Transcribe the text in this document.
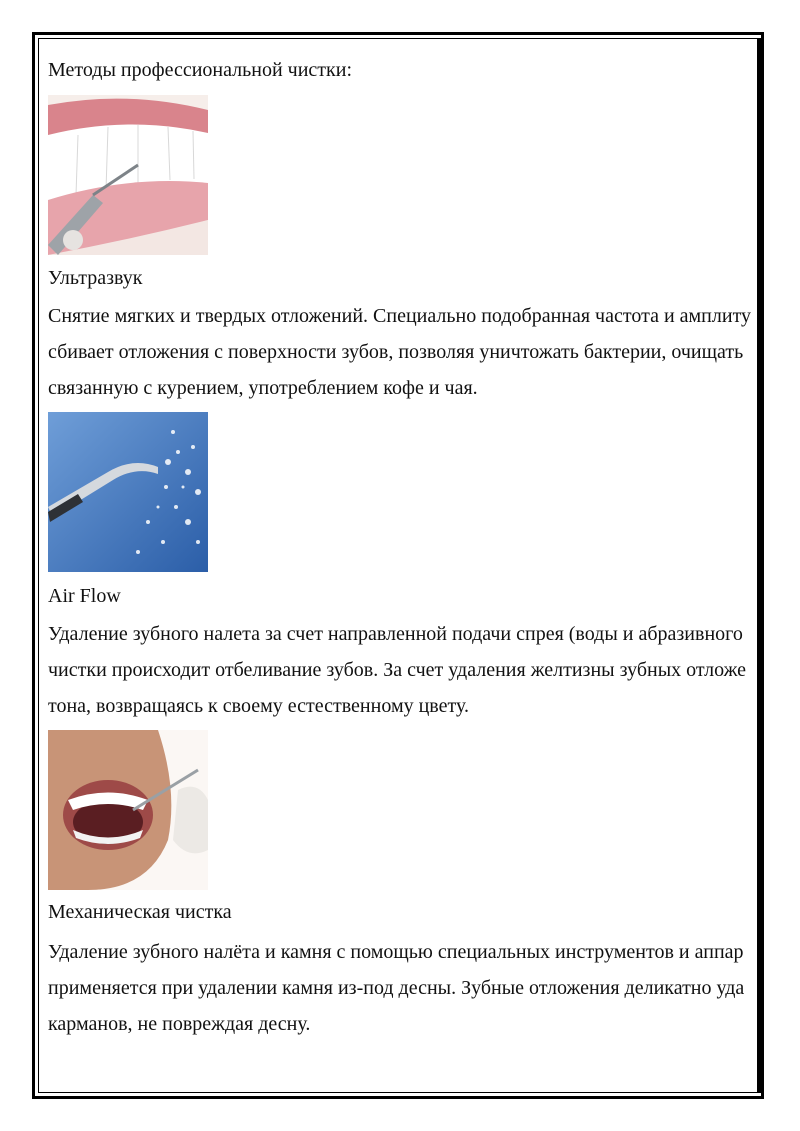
Методы профессиональной чистки:
Ультразвук
Снятие мягких и твердых отложений. Специально подобранная частота и амплиту
сбивает отложения с поверхности зубов, позволяя уничтожать бактерии, очищать
связанную с курением, употреблением кофе и чая.
Air Flow
Удаление зубного налета за счет направленной подачи спрея (воды и абразивного
чистки происходит отбеливание зубов. За счет удаления желтизны зубных отложе
тона, возвращаясь к своему естественному цвету.
Механическая чистка
Удаление зубного налёта и камня с помощью специальных инструментов и аппар
применяется при удалении камня из-под десны. Зубные отложения деликатно уда
карманов, не повреждая десну.
